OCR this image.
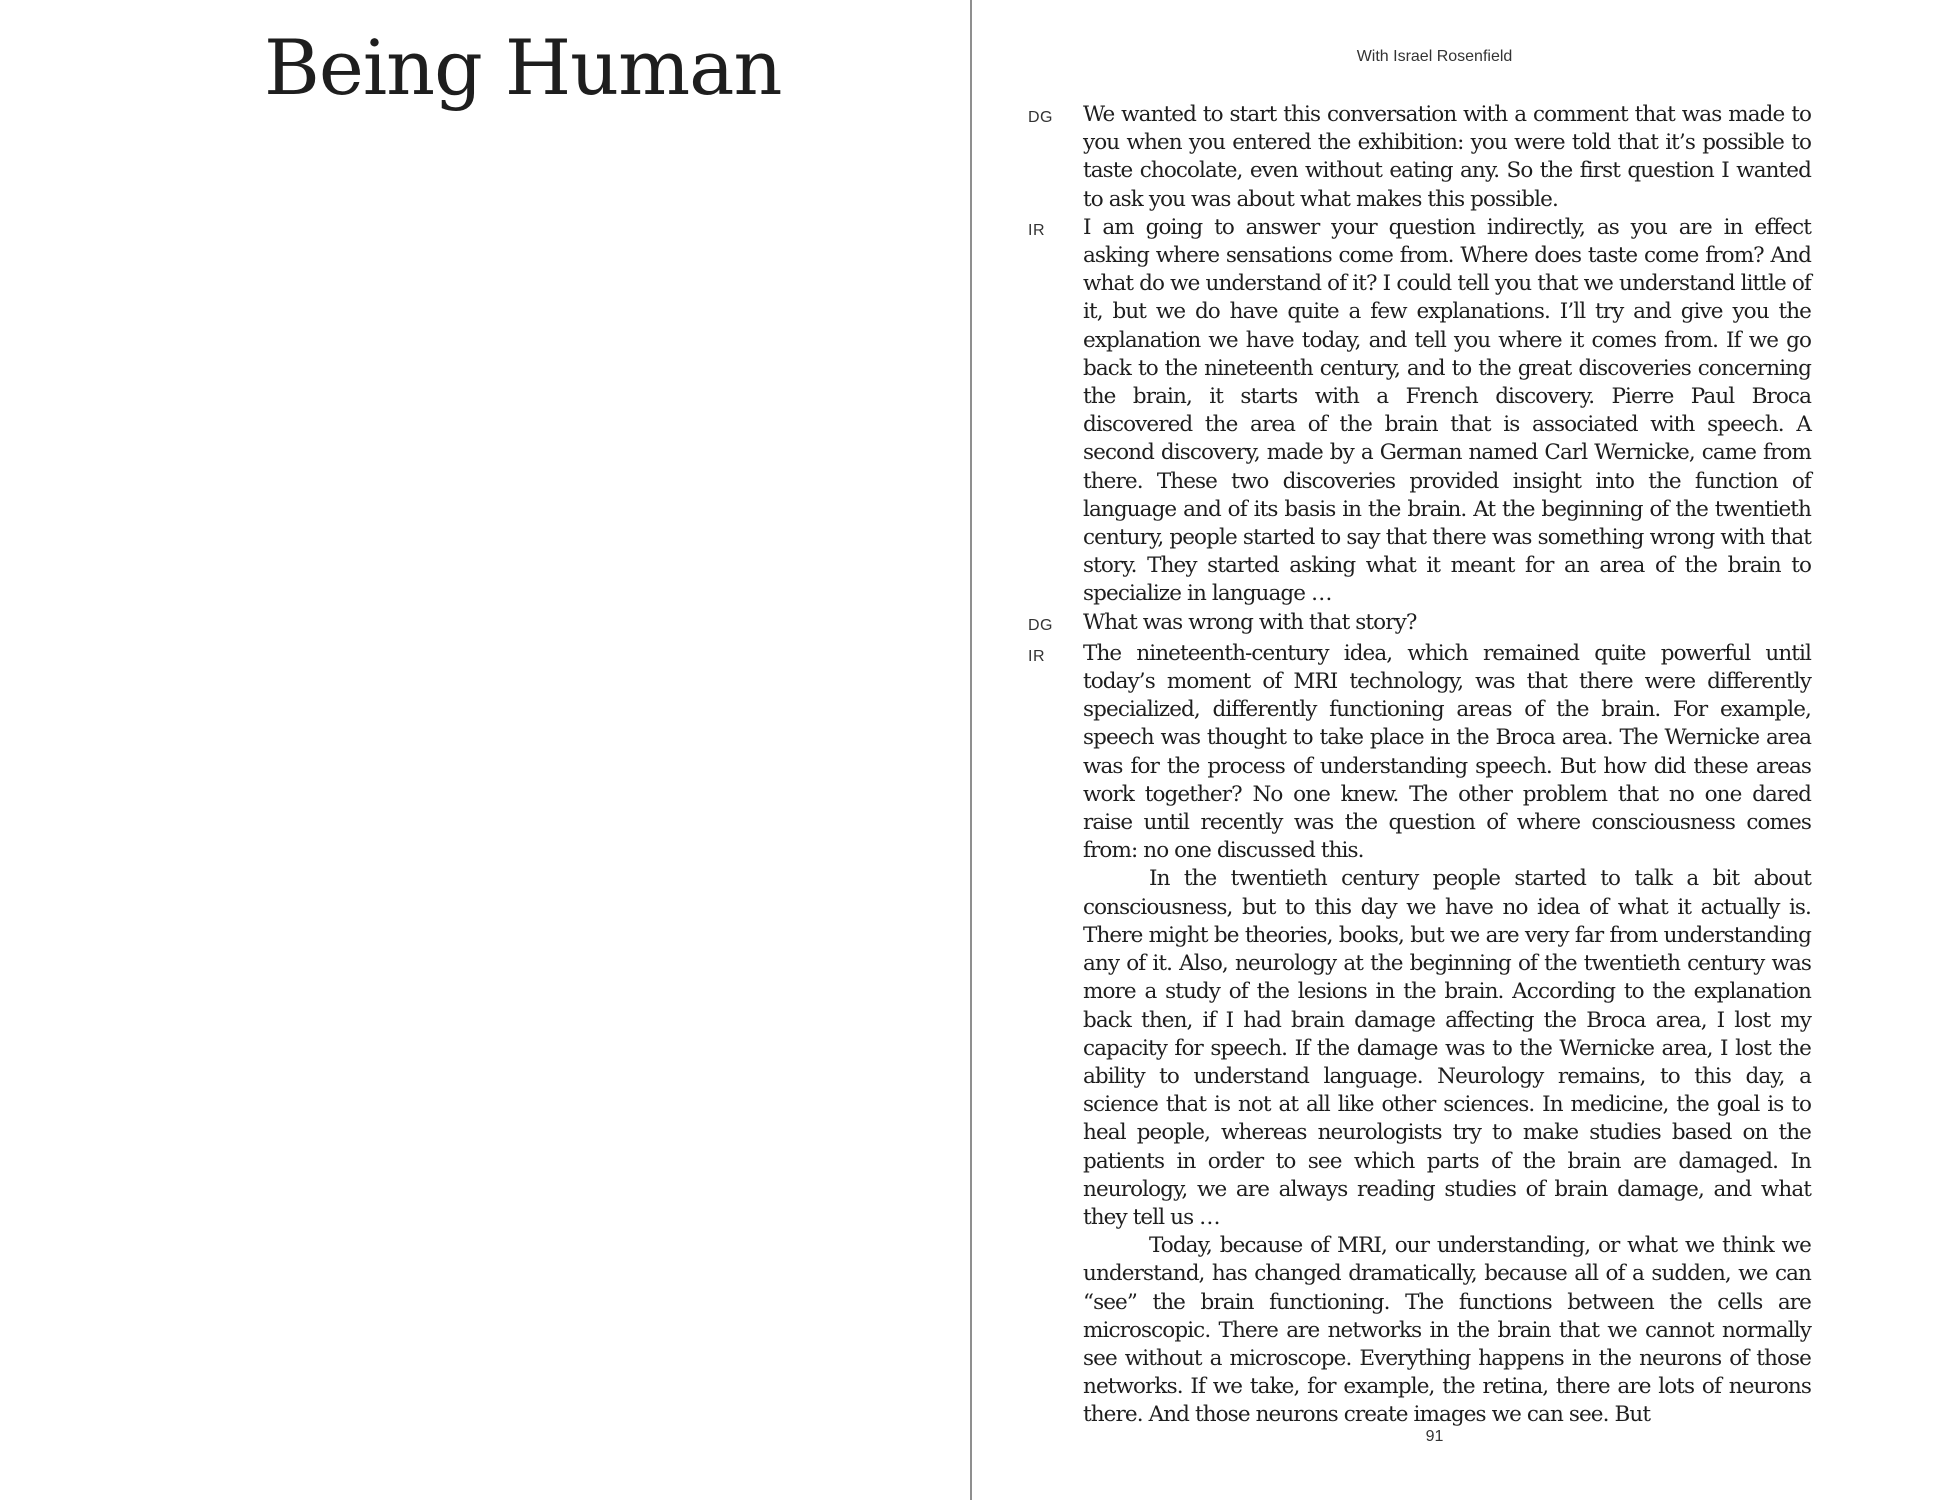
Being Human	With Israel Rosenfield
DG	We wanted to start this conversation with a comment that was made to you when you entered the exhibition: you were told that it’s possible to taste chocolate, even without eating any. So the first question I wanted to ask you was about what makes this possible.

IR	I am going to answer your question indirectly, as you are in effect asking where sensations come from. Where does taste come from? And what do we understand of it? I could tell you that we understand little of it, but we do have quite a few explanations. I’ll try and give you the explanation we have today, and tell you where it comes from. If we go back to the nineteenth century, and to the great discoveries concerning the brain, it starts with a French discovery. Pierre Paul Broca discovered the area of the brain that is associated with speech. A second discovery, made by a German named Carl Wernicke, came from there. These two discoveries provided insight into the function of language and of its basis in the brain. At the beginning of the twentieth century, people started to say that there was something wrong with that story. They started asking what it meant for an area of the brain to specialize in language …

DG	What was wrong with that story?

IR	The nineteenth-century idea, which remained quite powerful until today’s moment of MRI technology, was that there were differently specialized, differently functioning areas of the brain. For example, speech was thought to take place in the Broca area. The Wernicke area was for the process of understanding speech. But how did these areas work together? No one knew. The other problem that no one dared raise until recently was the question of where consciousness comes from: no one discussed this.

In the twentieth century people started to talk a bit about consciousness, but to this day we have no idea of what it actually is. There might be theories, books, but we are very far from understanding any of it. Also, neurology at the beginning of the twentieth century was more a study of the lesions in the brain. According to the explanation back then, if I had brain damage affecting the Broca area, I lost my capacity for speech. If the damage was to the Wernicke area, I lost the ability to understand language. Neurology remains, to this day, a science that is not at all like other sciences. In medicine, the goal is to heal people, whereas neurologists try to make studies based on the patients in order to see which parts of the brain are damaged. In neurology, we are always reading studies of brain damage, and what they tell us …

Today, because of MRI, our understanding, or what we think we understand, has changed dramatically, because all of a sudden, we can “see” the brain functioning. The functions between the cells are microscopic. There are networks in the brain that we cannot normally see without a microscope. Everything happens in the neurons of those networks. If we take, for example, the retina, there are lots of neurons there. And those neurons create images we can see. But

91
